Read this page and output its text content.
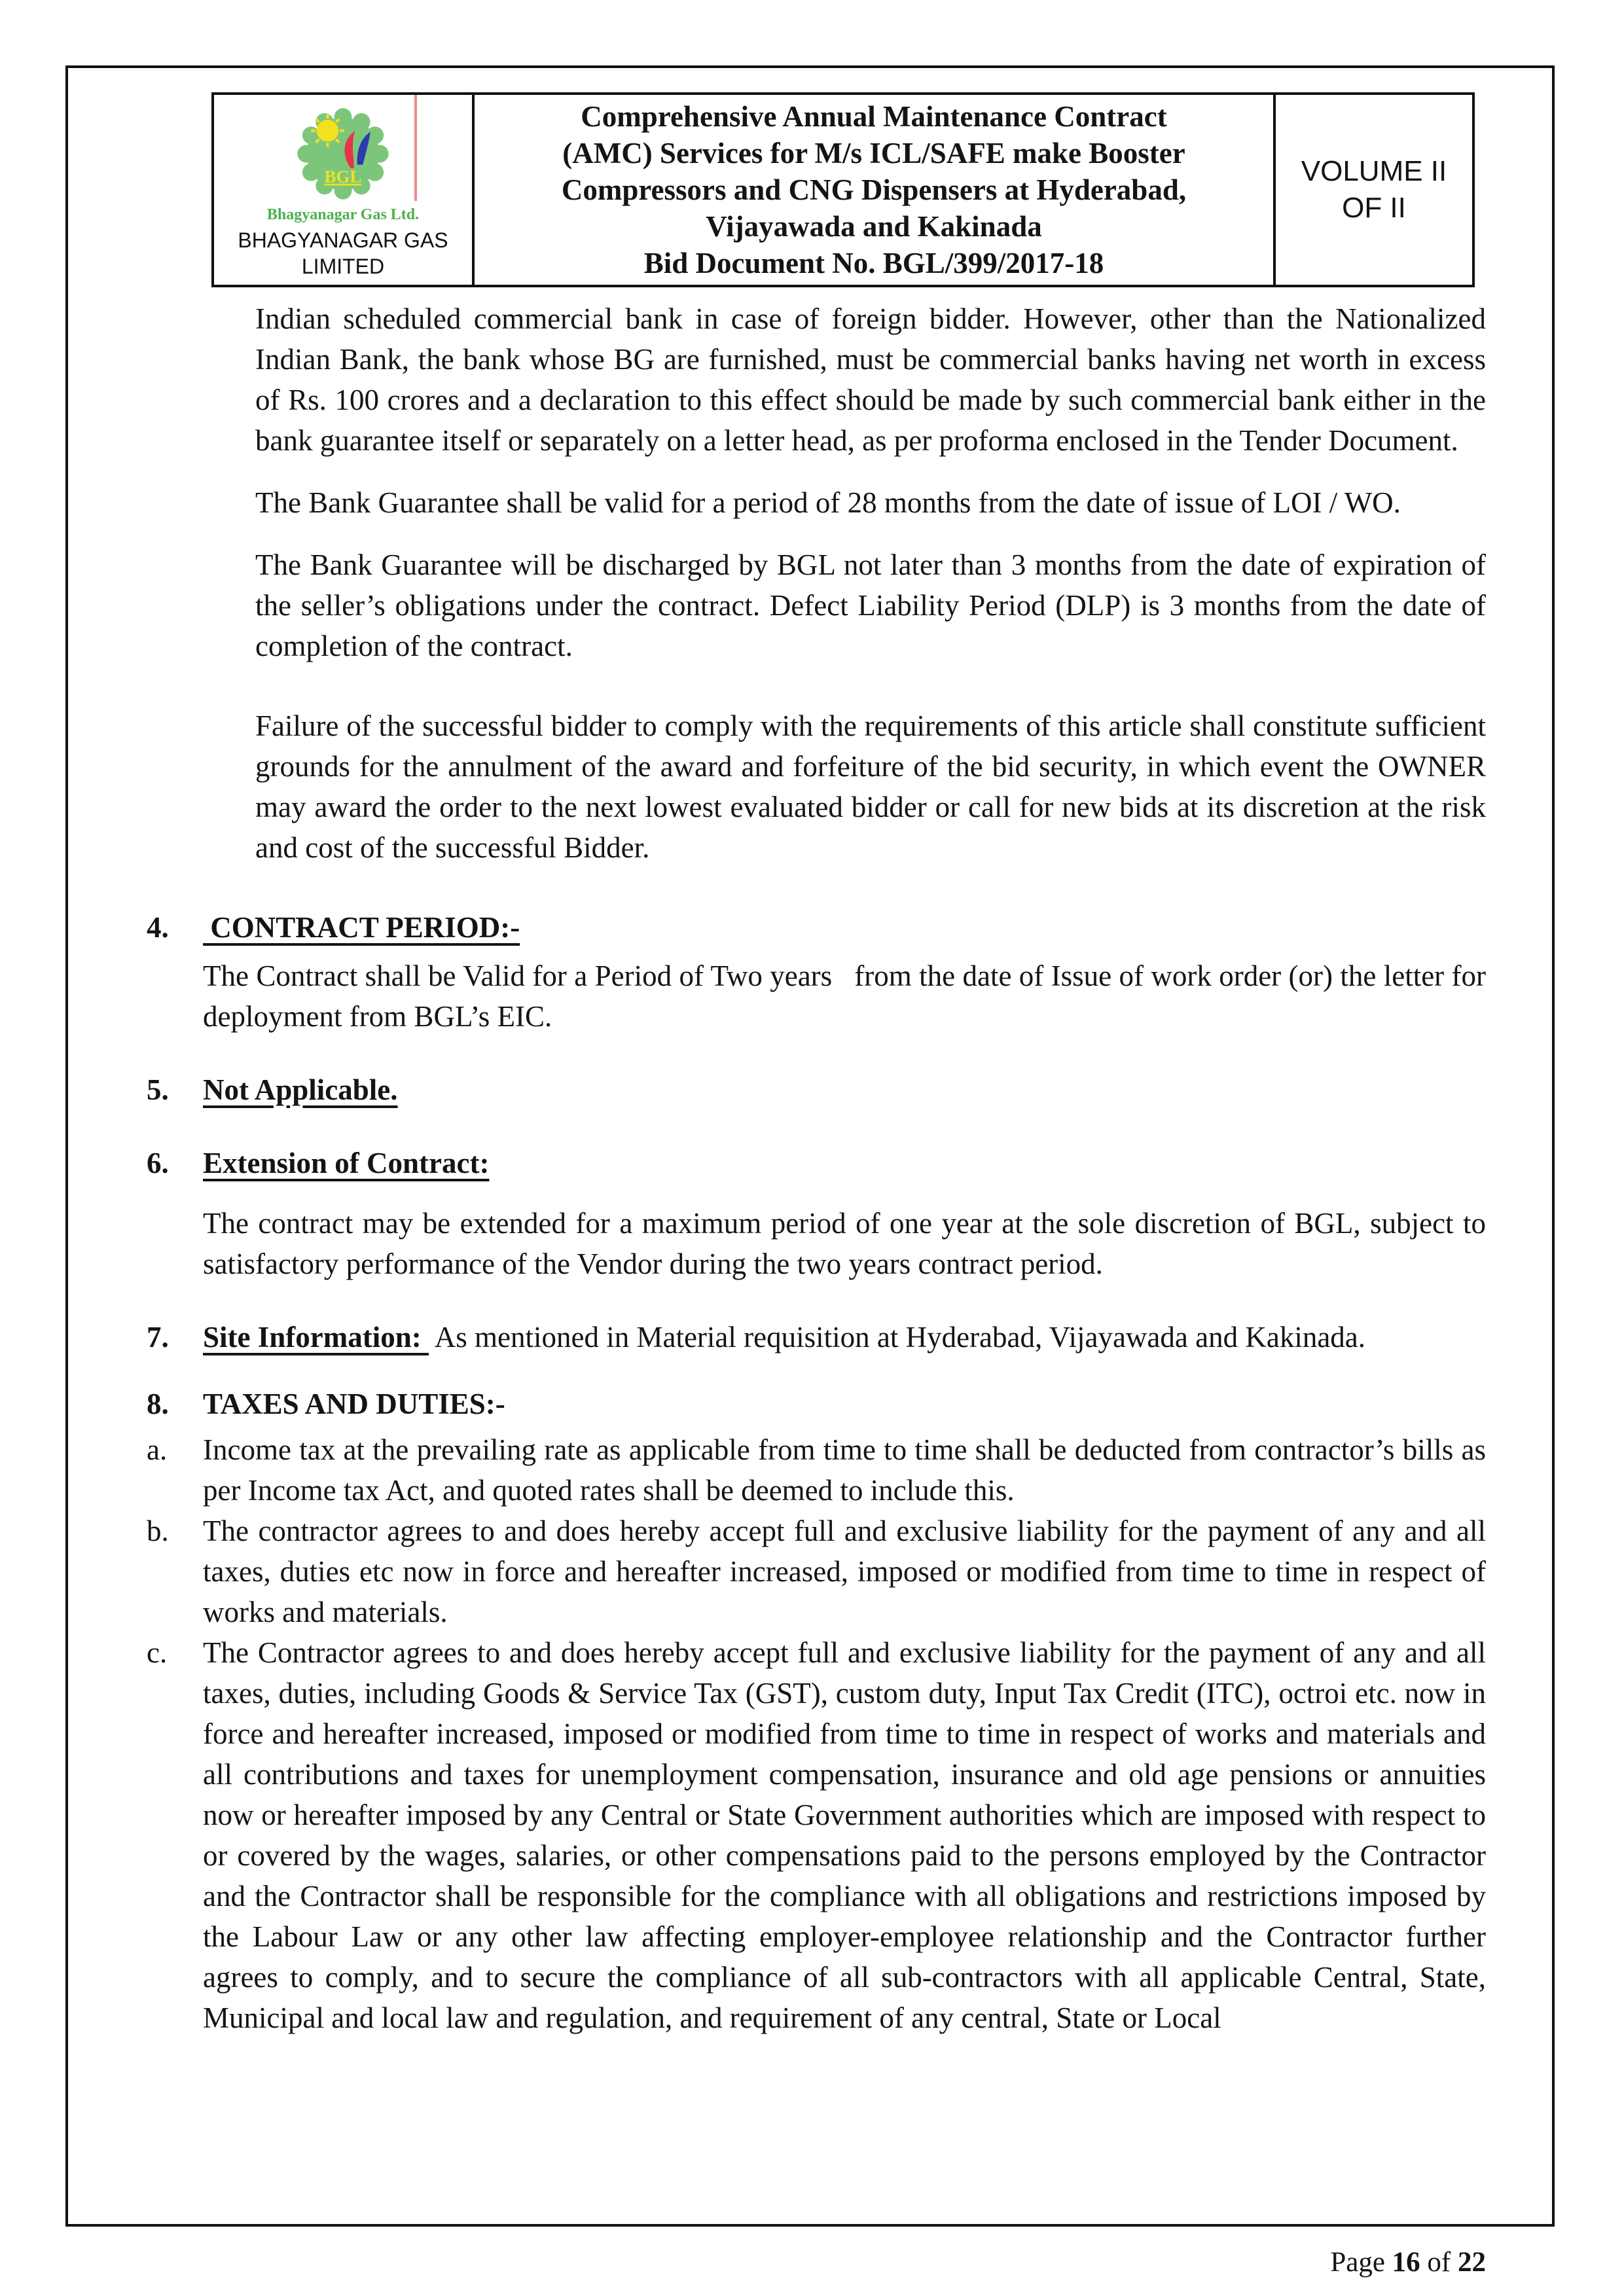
BGL
Bhagyanagar Gas Ltd.
BHAGYANAGAR GAS LIMITED
Comprehensive Annual Maintenance Contract
(AMC) Services for M/s ICL/SAFE make Booster
Compressors and CNG Dispensers at Hyderabad,
Vijayawada and Kakinada
Bid Document No. BGL/399/2017-18
VOLUME II
OF II
Indian scheduled commercial bank in case of foreign bidder. However, other than the Nationalized Indian Bank, the bank whose BG are furnished, must be commercial banks having net worth in excess of Rs. 100 crores and a declaration to this effect should be made by such commercial bank either in the bank guarantee itself or separately on a letter head, as per proforma enclosed in the Tender Document.
The Bank Guarantee shall be valid for a period of 28 months from the date of issue of LOI / WO.
The Bank Guarantee will be discharged by BGL not later than 3 months from the date of expiration of the seller’s obligations under the contract. Defect Liability Period (DLP) is 3 months from the date of completion of the contract.
Failure of the successful bidder to comply with the requirements of this article shall constitute sufficient grounds for the annulment of the award and forfeiture of the bid security, in which event the OWNER may award the order to the next lowest evaluated bidder or call for new bids at its discretion at the risk and cost of the successful Bidder.
4.	CONTRACT PERIOD:-
The Contract shall be Valid for a Period of Two years   from the date of Issue of work order (or) the letter for deployment from BGL’s EIC.
5.	Not Applicable.
6.	Extension of Contract:
The contract may be extended for a maximum period of one year at the sole discretion of BGL, subject to satisfactory performance of the Vendor during the two years contract period.
7.	Site Information:  As mentioned in Material requisition at Hyderabad, Vijayawada and Kakinada.
8.	TAXES AND DUTIES:-
a.	Income tax at the prevailing rate as applicable from time to time shall be deducted from contractor’s bills as per Income tax Act, and quoted rates shall be deemed to include this.
b.	The contractor agrees to and does hereby accept full and exclusive liability for the payment of any and all taxes, duties etc now in force and hereafter increased, imposed or modified from time to time in respect of works and materials.
c.	The Contractor agrees to and does hereby accept full and exclusive liability for the payment of any and all taxes, duties, including Goods & Service Tax (GST), custom duty, Input Tax Credit (ITC), octroi etc. now in force and hereafter increased, imposed or modified from time to time in respect of works and materials and all contributions and taxes for unemployment compensation, insurance and old age pensions or annuities now or hereafter imposed by any Central or State Government authorities which are imposed with respect to or covered by the wages, salaries, or other compensations paid to the persons employed by the Contractor and the Contractor shall be responsible for the compliance with all obligations and restrictions imposed by the Labour Law or any other law affecting employer-employee relationship and the Contractor further agrees to comply, and to secure the compliance of all sub-contractors with all applicable Central, State, Municipal and local law and regulation, and requirement of any central, State or Local
Page 16 of 22
